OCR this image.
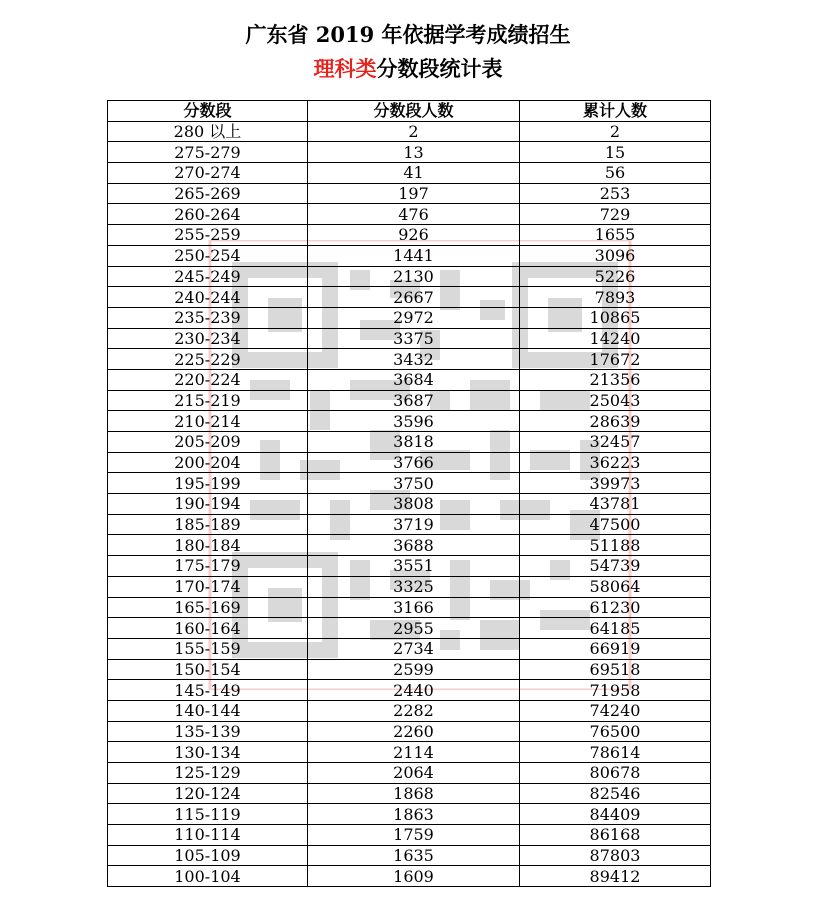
广东省 2019 年依据学考成绩招生
理科类分数段统计表
分数段	分数段人数	累计人数
280 以上	2	2
275-279	13	15
270-274	41	56
265-269	197	253
260-264	476	729
255-259	926	1655
250-254	1441	3096
245-249	2130	5226
240-244	2667	7893
235-239	2972	10865
230-234	3375	14240
225-229	3432	17672
220-224	3684	21356
215-219	3687	25043
210-214	3596	28639
205-209	3818	32457
200-204	3766	36223
195-199	3750	39973
190-194	3808	43781
185-189	3719	47500
180-184	3688	51188
175-179	3551	54739
170-174	3325	58064
165-169	3166	61230
160-164	2955	64185
155-159	2734	66919
150-154	2599	69518
145-149	2440	71958
140-144	2282	74240
135-139	2260	76500
130-134	2114	78614
125-129	2064	80678
120-124	1868	82546
115-119	1863	84409
110-114	1759	86168
105-109	1635	87803
100-104	1609	89412
